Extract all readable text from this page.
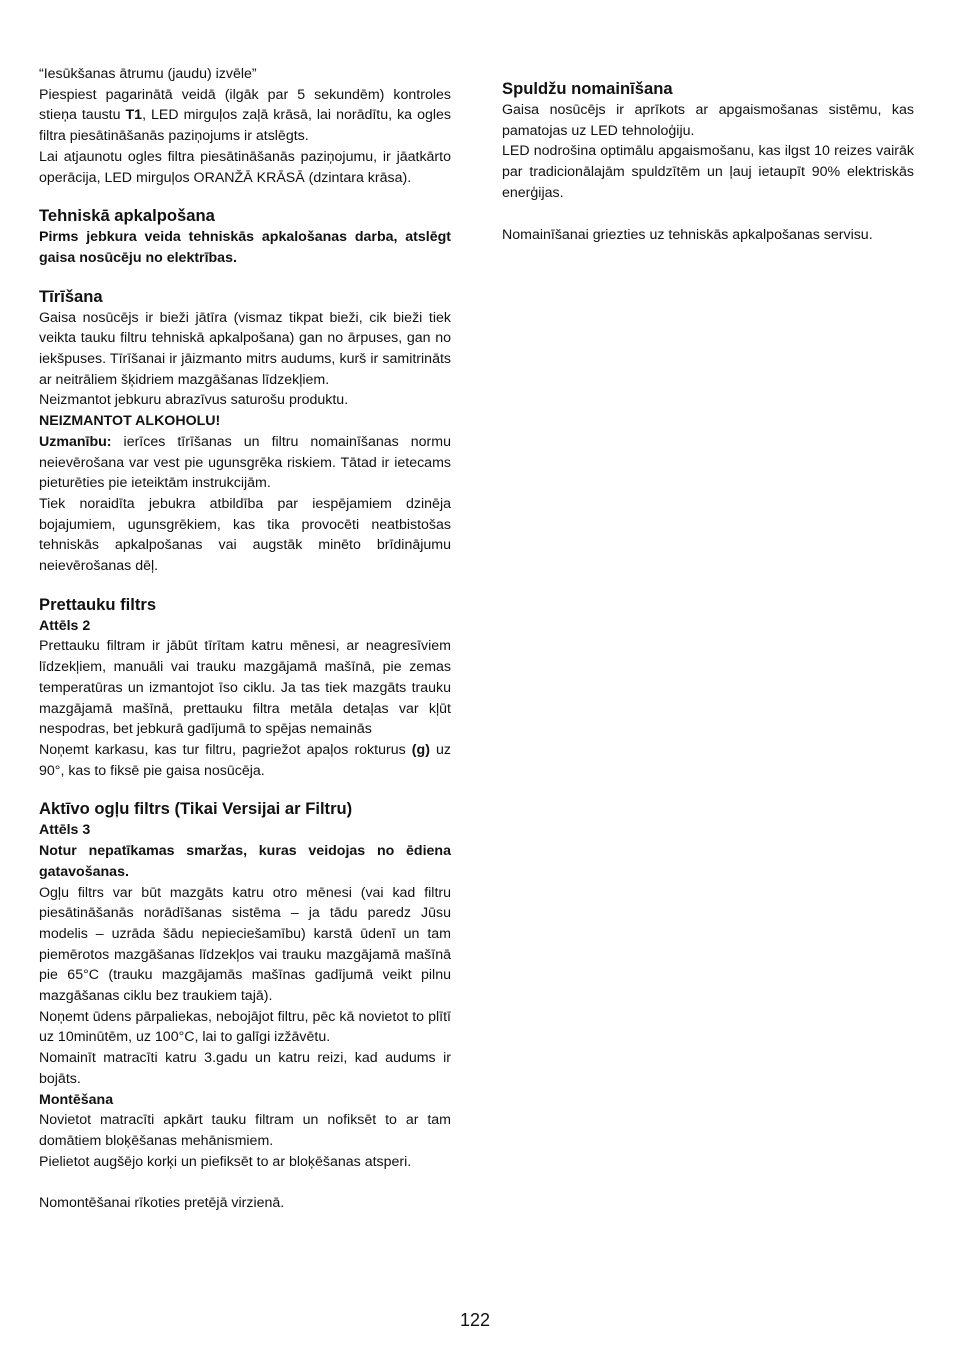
“Iesūkšanas ātrumu (jaudu) izvēle”

Piespiest pagarinātā veidā (ilgāk par 5 sekundēm) kontroles stieņa taustu T1, LED mirguļos zaļā krāsā, lai norādītu, ka ogles filtra piesātināšanās paziņojums ir atslēgts.

Lai atjaunotu ogles filtra piesātināšanās paziņojumu, ir jāatkārto operācija, LED mirguļos ORANŽĀ KRĀSĀ (dzintara krāsa).

Tehniskā apkalpošana

Pirms jebkura veida tehniskās apkalošanas darba, atslēgt gaisa nosūcēju no elektrības.

Tīrīšana

Gaisa nosūcējs ir bieži jātīra (vismaz tikpat bieži, cik bieži tiek veikta tauku filtru tehniskā apkalpošana) gan no ārpuses, gan no iekšpuses. Tīrīšanai ir jāizmanto mitrs audums, kurš ir samitrināts ar neitrāliem šķidriem mazgāšanas līdzekļiem.

Neizmantot jebkuru abrazīvus saturošu produktu.

NEIZMANTOT ALKOHOLU!

Uzmanību: ierīces tīrīšanas un filtru nomainīšanas normu neievērošana var vest pie ugunsgrēka riskiem. Tātad ir ietecams pieturēties pie ieteiktām instrukcijām.

Tiek noraidīta jebukra atbildība par iespējamiem dzinēja bojajumiem, ugunsgrēkiem, kas tika provocēti neatbistošas tehniskās apkalpošanas vai augstāk minēto brīdinājumu neievērošanas dēļ.

Prettauku filtrs

Attēls 2

Prettauku filtram ir jābūt tīrītam katru mēnesi, ar neagresīviem līdzekļiem, manuāli vai trauku mazgājamā mašīnā, pie zemas temperatūras un izmantojot īso ciklu. Ja tas tiek mazgāts trauku mazgājamā mašīnā, prettauku filtra metāla detaļas var kļūt nespodras, bet jebkurā gadījumā to spējas nemainās

Noņemt karkasu, kas tur filtru, pagriežot apaļos rokturus (g) uz 90°, kas to fiksē pie gaisa nosūcēja.

Aktīvo ogļu filtrs (Tikai Versijai ar Filtru)

Attēls 3

Notur nepatīkamas smaržas, kuras veidojas no ēdiena gatavošanas.

Ogļu filtrs var būt mazgāts katru otro mēnesi (vai kad filtru piesātināšanās norādīšanas sistēma – ja tādu paredz Jūsu modelis – uzrāda šādu nepieciešamību) karstā ūdenī un tam piemērotos mazgāšanas līdzekļos vai trauku mazgājamā mašīnā pie 65°C (trauku mazgājamās mašīnas gadījumā veikt pilnu mazgāšanas ciklu bez traukiem tajā).

Noņemt ūdens pārpaliekas, nebojājot filtru, pēc kā novietot to plītī uz 10minūtēm, uz 100°C, lai to galīgi izžāvētu.

Nomainīt matracīti katru 3.gadu un katru reizi, kad audums ir bojāts.

Montēšana

Novietot matracīti apkārt tauku filtram un nofiksēt to ar tam domātiem bloķēšanas mehānismiem.

Pielietot augšējo korķi un piefiksēt to ar bloķēšanas atsperi.

Nomontēšanai rīkoties pretējā virzienā.

Spuldžu nomainīšana

Gaisa nosūcējs ir aprīkots ar apgaismošanas sistēmu, kas pamatojas uz LED tehnoloģiju.

LED nodrošina optimālu apgaismošanu, kas ilgst 10 reizes vairāk par tradicionālajām spuldzītēm un ļauj ietaupīt 90% elektriskās enerģijas.

Nomainīšanai griezties uz tehniskās apkalpošanas servisu.

122
